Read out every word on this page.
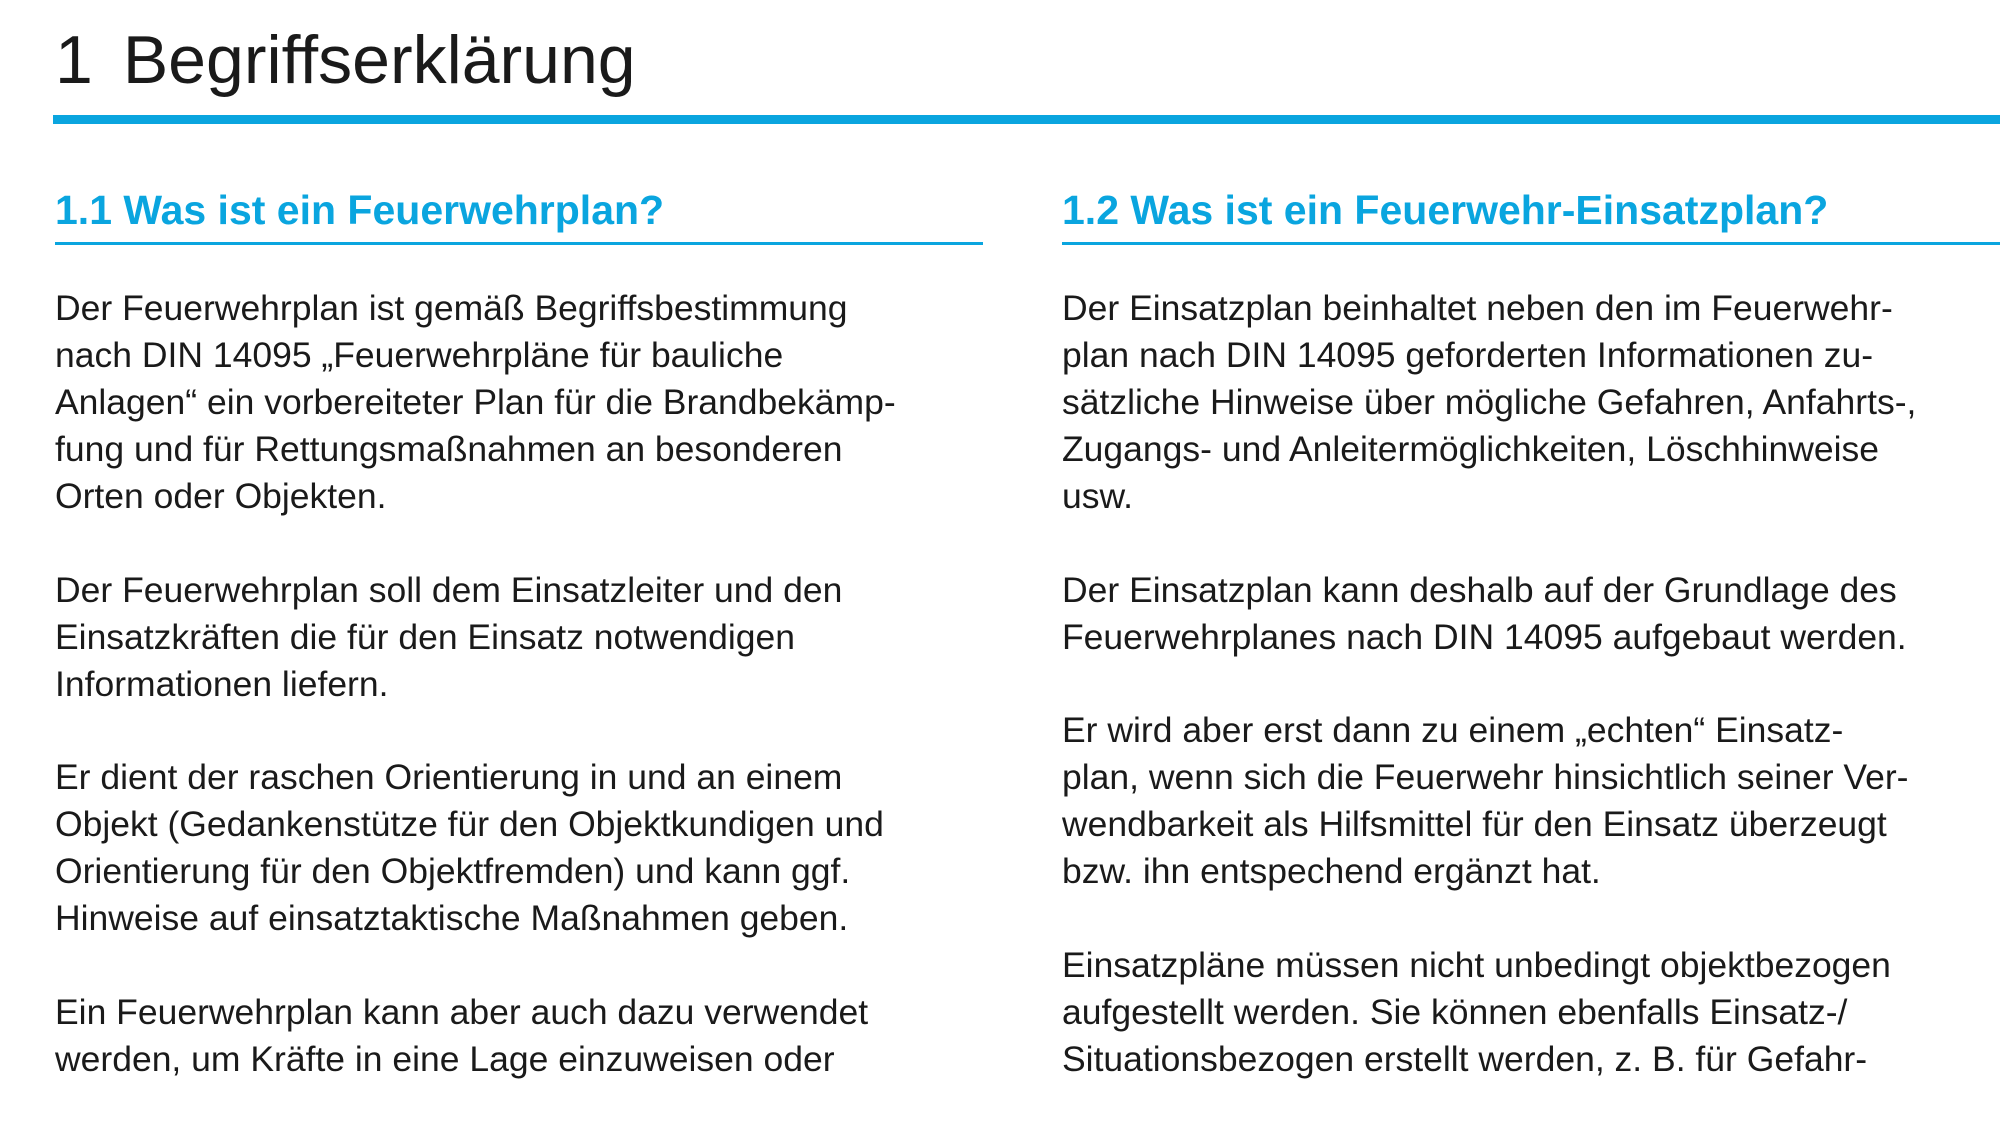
1 Begriffserklärung
1.1 Was ist ein Feuerwehrplan?

Der Feuerwehrplan ist gemäß Begriffsbestimmung
nach DIN 14095 „Feuerwehrpläne für bauliche
Anlagen“ ein vorbereiteter Plan für die Brandbekämp-
fung und für Rettungsmaßnahmen an besonderen
Orten oder Objekten.

Der Feuerwehrplan soll dem Einsatzleiter und den
Einsatzkräften die für den Einsatz notwendigen
Informationen liefern.

Er dient der raschen Orientierung in und an einem
Objekt (Gedankenstütze für den Objektkundigen und
Orientierung für den Objektfremden) und kann ggf.
Hinweise auf einsatztaktische Maßnahmen geben.

Ein Feuerwehrplan kann aber auch dazu verwendet
werden, um Kräfte in eine Lage einzuweisen oder

1.2 Was ist ein Feuerwehr-Einsatzplan?

Der Einsatzplan beinhaltet neben den im Feuerwehr-
plan nach DIN 14095 geforderten Informationen zu-
sätzliche Hinweise über mögliche Gefahren, Anfahrts-,
Zugangs- und Anleitermöglichkeiten, Löschhinweise
usw.

Der Einsatzplan kann deshalb auf der Grundlage des
Feuerwehrplanes nach DIN 14095 aufgebaut werden.

Er wird aber erst dann zu einem „echten“ Einsatz-
plan, wenn sich die Feuerwehr hinsichtlich seiner Ver-
wendbarkeit als Hilfsmittel für den Einsatz überzeugt
bzw. ihn entspechend ergänzt hat.

Einsatzpläne müssen nicht unbedingt objektbezogen
aufgestellt werden. Sie können ebenfalls Einsatz-/
Situationsbezogen erstellt werden, z. B. für Gefahr-
